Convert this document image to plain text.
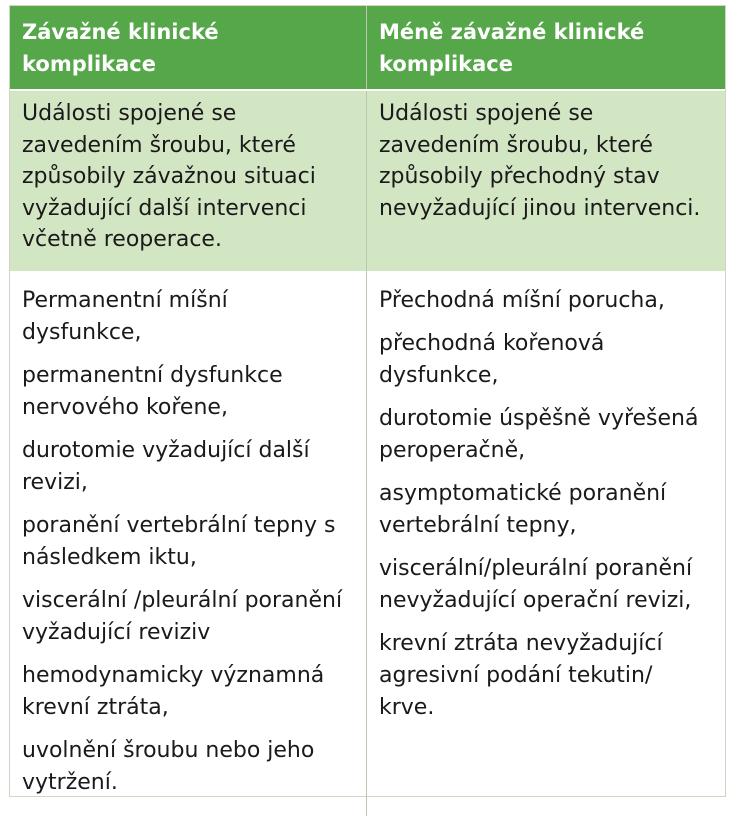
Závažné klinické komplikace
Méně závažné klinické komplikace
Události spojené se zavedením šroubu, které způsobily závažnou situaci vyžadující další intervenci včetně reoperace.
Události spojené se zavedením šroubu, které způsobily přechodný stav nevyžadující jinou intervenci.
Permanentní míšní dysfunkce,
permanentní dysfunkce nervového kořene,
durotomie vyžadující další revizi,
poranění vertebrální tepny s následkem iktu,
viscerální /pleurální poranění vyžadující reviziv
hemodynamicky významná krevní ztráta,
uvolnění šroubu nebo jeho vytržení.
Přechodná míšní porucha,
přechodná kořenová dysfunkce,
durotomie úspěšně vyřešená peroperačně,
asymptomatické poranění vertebrální tepny,
viscerální/pleurální poranění nevyžadující operační revizi,
krevní ztráta nevyžadující agresivní podání tekutin/ krve.
